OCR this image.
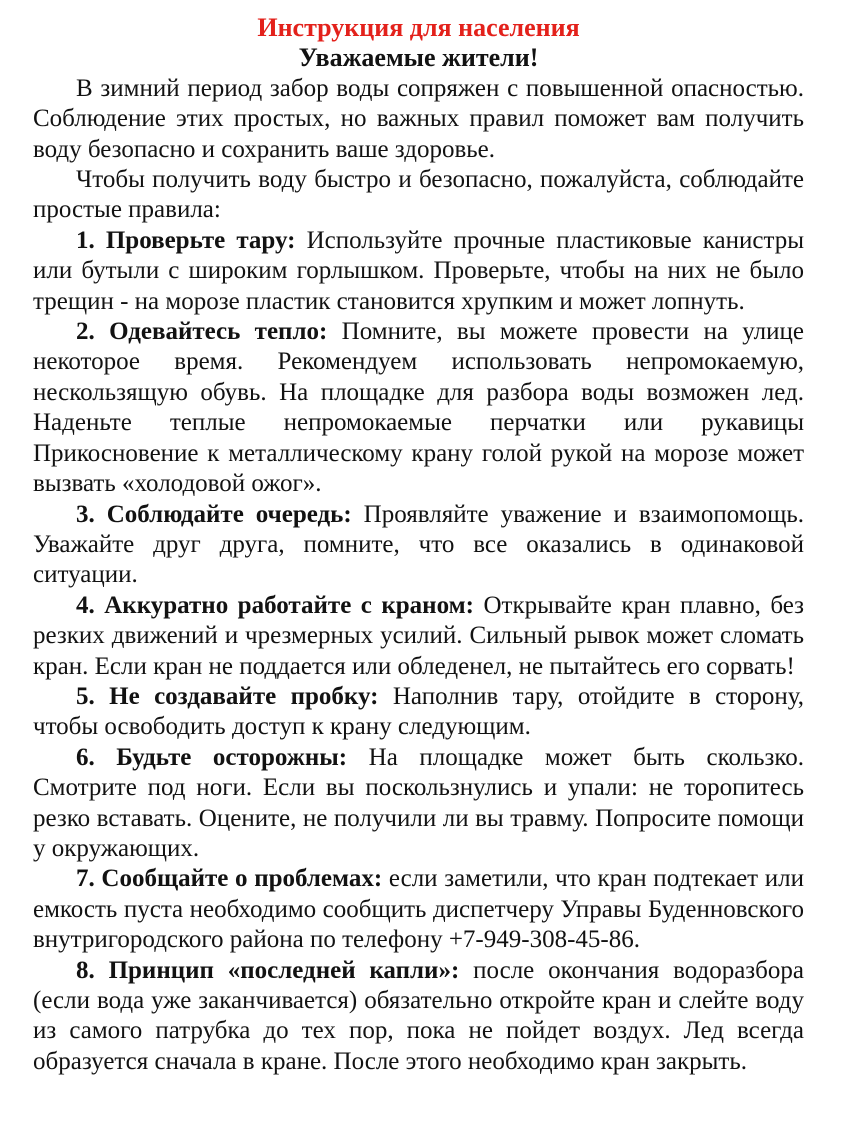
Инструкция для населения
Уважаемые жители!

В зимний период забор воды сопряжен с повышенной опасностью. Соблюдение этих простых, но важных правил поможет вам получить воду безопасно и сохранить ваше здоровье.

Чтобы получить воду быстро и безопасно, пожалуйста, соблюдайте простые правила:

1. Проверьте тару: Используйте прочные пластиковые канистры или бутыли с широким горлышком. Проверьте, чтобы на них не было трещин - на морозе пластик становится хрупким и может лопнуть.

2. Одевайтесь тепло: Помните, вы можете провести на улице некоторое время. Рекомендуем использовать непромокаемую, нескользящую обувь. На площадке для разбора воды возможен лед. Наденьте теплые непромокаемые перчатки или рукавицы Прикосновение к металлическому крану голой рукой на морозе может вызвать «холодовой ожог».

3. Соблюдайте очередь: Проявляйте уважение и взаимопомощь. Уважайте друг друга, помните, что все оказались в одинаковой ситуации.

4. Аккуратно работайте с краном: Открывайте кран плавно, без резких движений и чрезмерных усилий. Сильный рывок может сломать кран. Если кран не поддается или обледенел, не пытайтесь его сорвать!

5. Не создавайте пробку: Наполнив тару, отойдите в сторону, чтобы освободить доступ к крану следующим.

6. Будьте осторожны: На площадке может быть скользко. Смотрите под ноги. Если вы поскользнулись и упали: не торопитесь резко вставать. Оцените, не получили ли вы травму. Попросите помощи у окружающих.

7. Сообщайте о проблемах: если заметили, что кран подтекает или емкость пуста необходимо сообщить диспетчеру Управы Буденновского внутригородского района по телефону +7-949-308-45-86.

8. Принцип «последней капли»: после окончания водоразбора (если вода уже заканчивается) обязательно откройте кран и слейте воду из самого патрубка до тех пор, пока не пойдет воздух. Лед всегда образуется сначала в кране. После этого необходимо кран закрыть.
